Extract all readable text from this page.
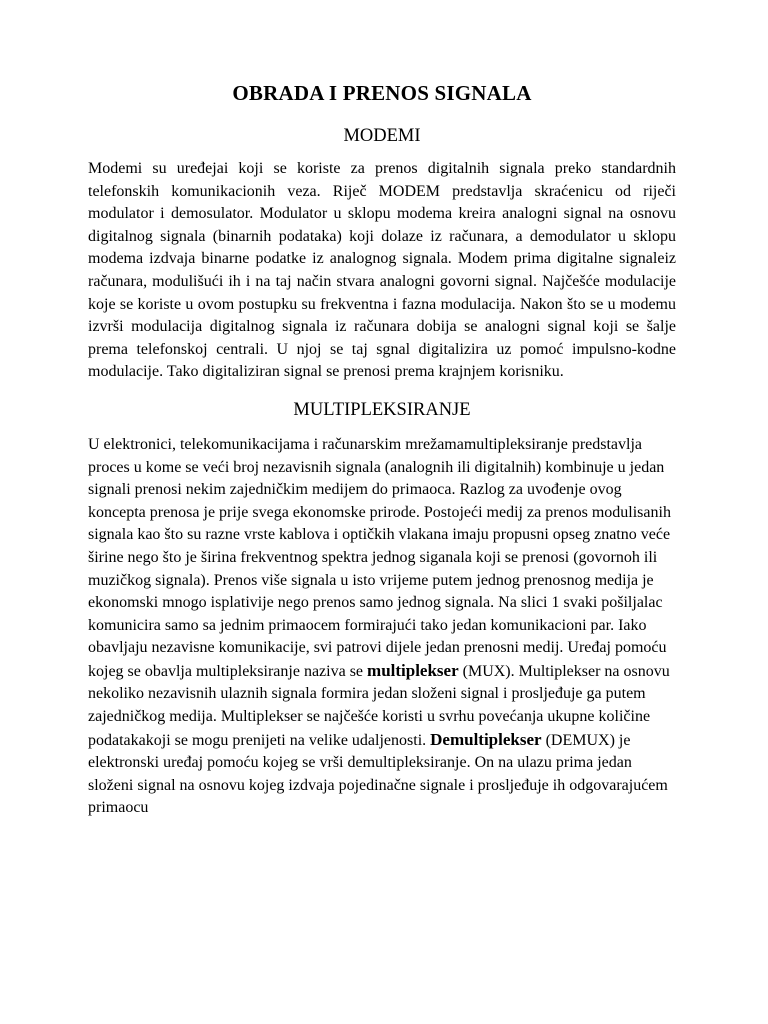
OBRADA I PRENOS SIGNALA
MODEMI

Modemi su uređejai koji se koriste za prenos digitalnih signala preko standardnih telefonskih komunikacionih veza. Riječ MODEM predstavlja skraćenicu od riječi modulator i demosulator. Modulator u sklopu modema kreira analogni signal na osnovu digitalnog signala (binarnih podataka) koji dolaze iz računara, a demodulator u sklopu modema izdvaja binarne podatke iz analognog signala. Modem prima digitalne signaleiz računara, modulišući ih i na taj način stvara analogni govorni signal. Najčešće modulacije koje se koriste u ovom postupku su frekventna i fazna modulacija. Nakon što se u modemu izvrši modulacija digitalnog signala iz računara dobija se analogni signal koji se šalje prema telefonskoj centrali. U njoj se taj sgnal digitalizira uz pomoć impulsno-kodne modulacije. Tako digitaliziran signal se prenosi prema krajnjem korisniku.

MULTIPLEKSIRANJE

U elektronici, telekomunikacijama i računarskim mrežamamultipleksiranje predstavlja proces u kome se veći broj nezavisnih signala (analognih ili digitalnih) kombinuje u jedan signali prenosi nekim zajedničkim medijem do primaoca. Razlog za uvođenje ovog koncepta prenosa je prije svega ekonomske prirode. Postojeći medij za prenos modulisanih signala kao što su razne vrste kablova i optičkih vlakana imaju propusni opseg znatno veće širine nego što je širina frekventnog spektra jednog siganala koji se prenosi (govornoh ili muzičkog signala). Prenos više signala u isto vrijeme putem jednog prenosnog medija je ekonomski mnogo isplativije nego prenos samo jednog signala. Na slici 1 svaki pošiljalac komunicira samo sa jednim primaocem formirajući tako jedan komunikacioni par. Iako obavljaju nezavisne komunikacije, svi patrovi dijele jedan prenosni medij. Uređaj pomoću kojeg se obavlja multipleksiranje naziva se multiplekser (MUX). Multiplekser na osnovu nekoliko nezavisnih ulaznih signala formira jedan složeni signal i prosljeđuje ga putem zajedničkog medija. Multiplekser se najčešće koristi u svrhu povećanja ukupne količine podatakakoji se mogu prenijeti na velike udaljenosti. Demultiplekser (DEMUX) je elektronski uređaj pomoću kojeg se vrši demultipleksiranje. On na ulazu prima jedan složeni signal na osnovu kojeg izdvaja pojedinačne signale i prosljeđuje ih odgovarajućem primaocu
